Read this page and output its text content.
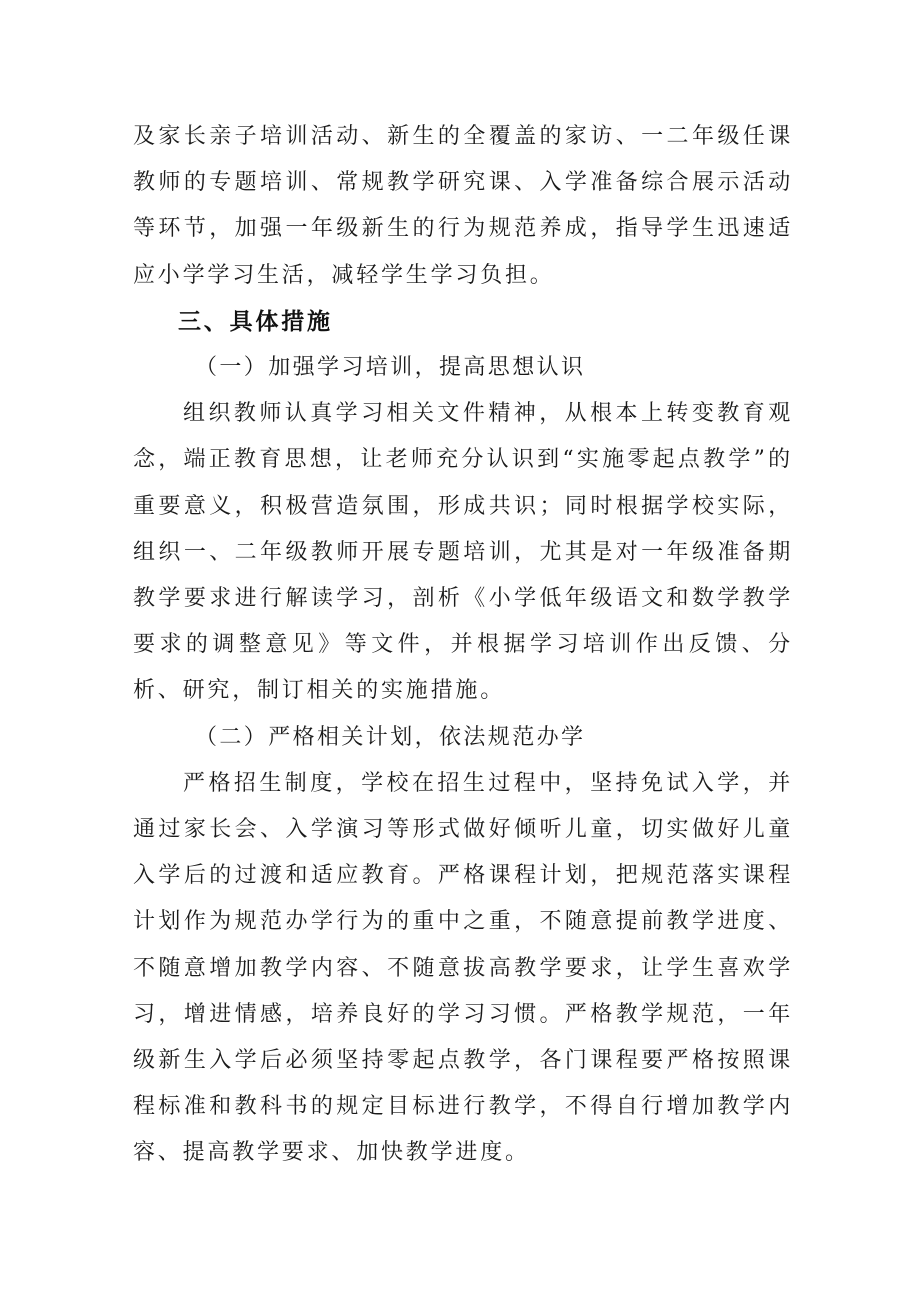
及家长亲子培训活动、新生的全覆盖的家访、一二年级任课教师的专题培训、常规教学研究课、入学准备综合展示活动等环节，加强一年级新生的行为规范养成，指导学生迅速适应小学学习生活，减轻学生学习负担。

三、具体措施

（一）加强学习培训，提高思想认识

组织教师认真学习相关文件精神，从根本上转变教育观念，端正教育思想，让老师充分认识到“实施零起点教学”的重要意义，积极营造氛围，形成共识；同时根据学校实际，组织一、二年级教师开展专题培训，尤其是对一年级准备期教学要求进行解读学习，剖析《小学低年级语文和数学教学要求的调整意见》等文件，并根据学习培训作出反馈、分析、研究，制订相关的实施措施。

（二）严格相关计划，依法规范办学

严格招生制度，学校在招生过程中，坚持免试入学，并通过家长会、入学演习等形式做好倾听儿童，切实做好儿童入学后的过渡和适应教育。严格课程计划，把规范落实课程计划作为规范办学行为的重中之重，不随意提前教学进度、不随意增加教学内容、不随意拔高教学要求，让学生喜欢学习，增进情感，培养良好的学习习惯。严格教学规范，一年级新生入学后必须坚持零起点教学，各门课程要严格按照课程标准和教科书的规定目标进行教学，不得自行增加教学内容、提高教学要求、加快教学进度。
